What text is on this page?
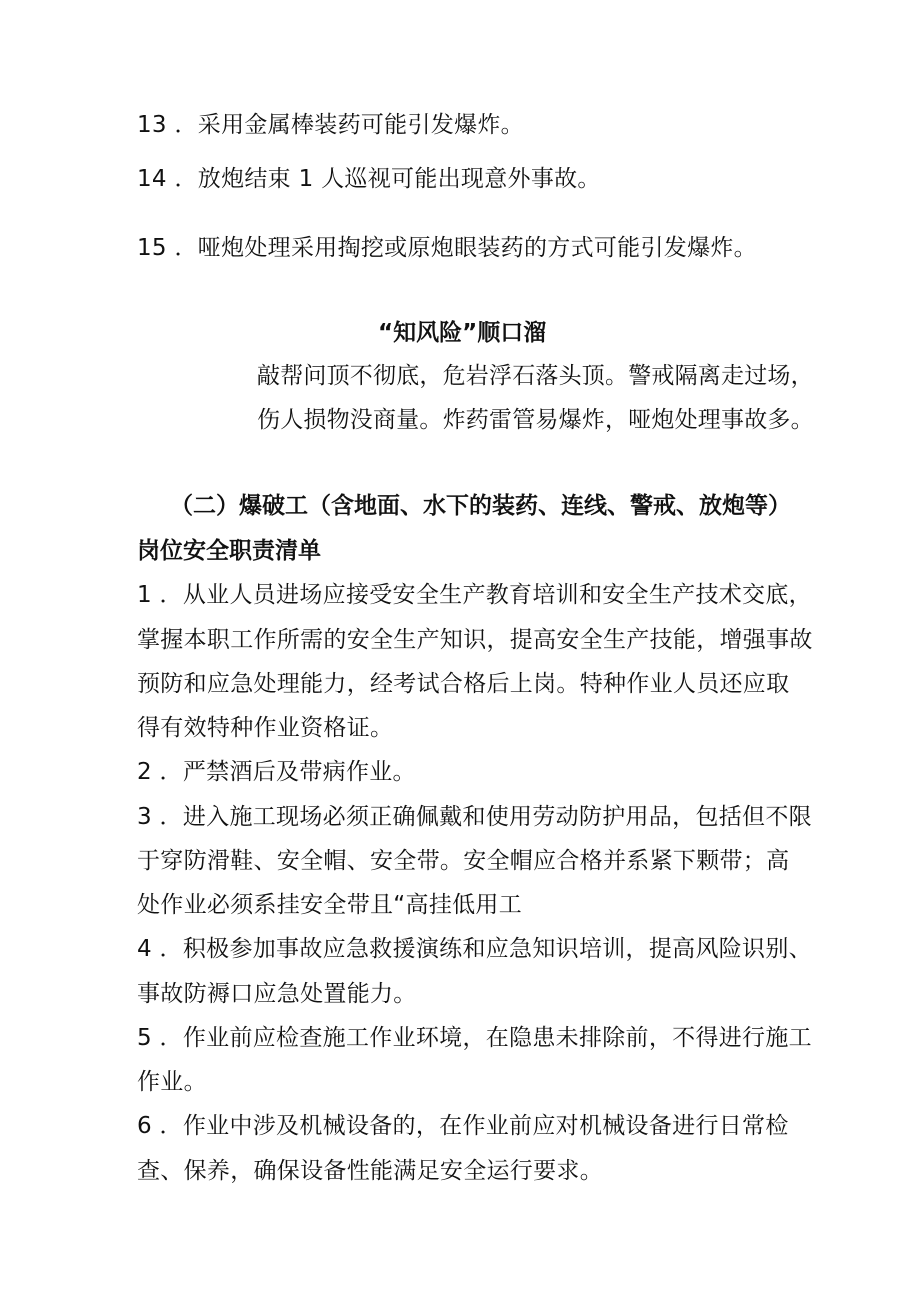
13 ．采用金属棒装药可能引发爆炸。
14 ．放炮结束 1 人巡视可能出现意外事故。
15 ．哑炮处理采用掏挖或原炮眼装药的方式可能引发爆炸。
“知风险”顺口溜
敲帮问顶不彻底，危岩浮石落头顶。警戒隔离走过场，
伤人损物没商量。炸药雷管易爆炸，哑炮处理事故多。
（二）爆破工（含地面、水下的装药、连线、警戒、放炮等）
岗位安全职责清单
1 ．从业人员进场应接受安全生产教育培训和安全生产技术交底，
掌握本职工作所需的安全生产知识，提高安全生产技能，增强事故
预防和应急处理能力，经考试合格后上岗。特种作业人员还应取
得有效特种作业资格证。
2 ．严禁酒后及带病作业。
3 ．进入施工现场必须正确佩戴和使用劳动防护用品，包括但不限
于穿防滑鞋、安全帽、安全带。安全帽应合格并系紧下颗带；高
处作业必须系挂安全带且“高挂低用工
4 ．积极参加事故应急救援演练和应急知识培训，提高风险识别、
事故防褥口应急处置能力。
5 ．作业前应检查施工作业环境，在隐患未排除前，不得进行施工
作业。
6 ．作业中涉及机械设备的，在作业前应对机械设备进行日常检
查、保养，确保设备性能满足安全运行要求。
